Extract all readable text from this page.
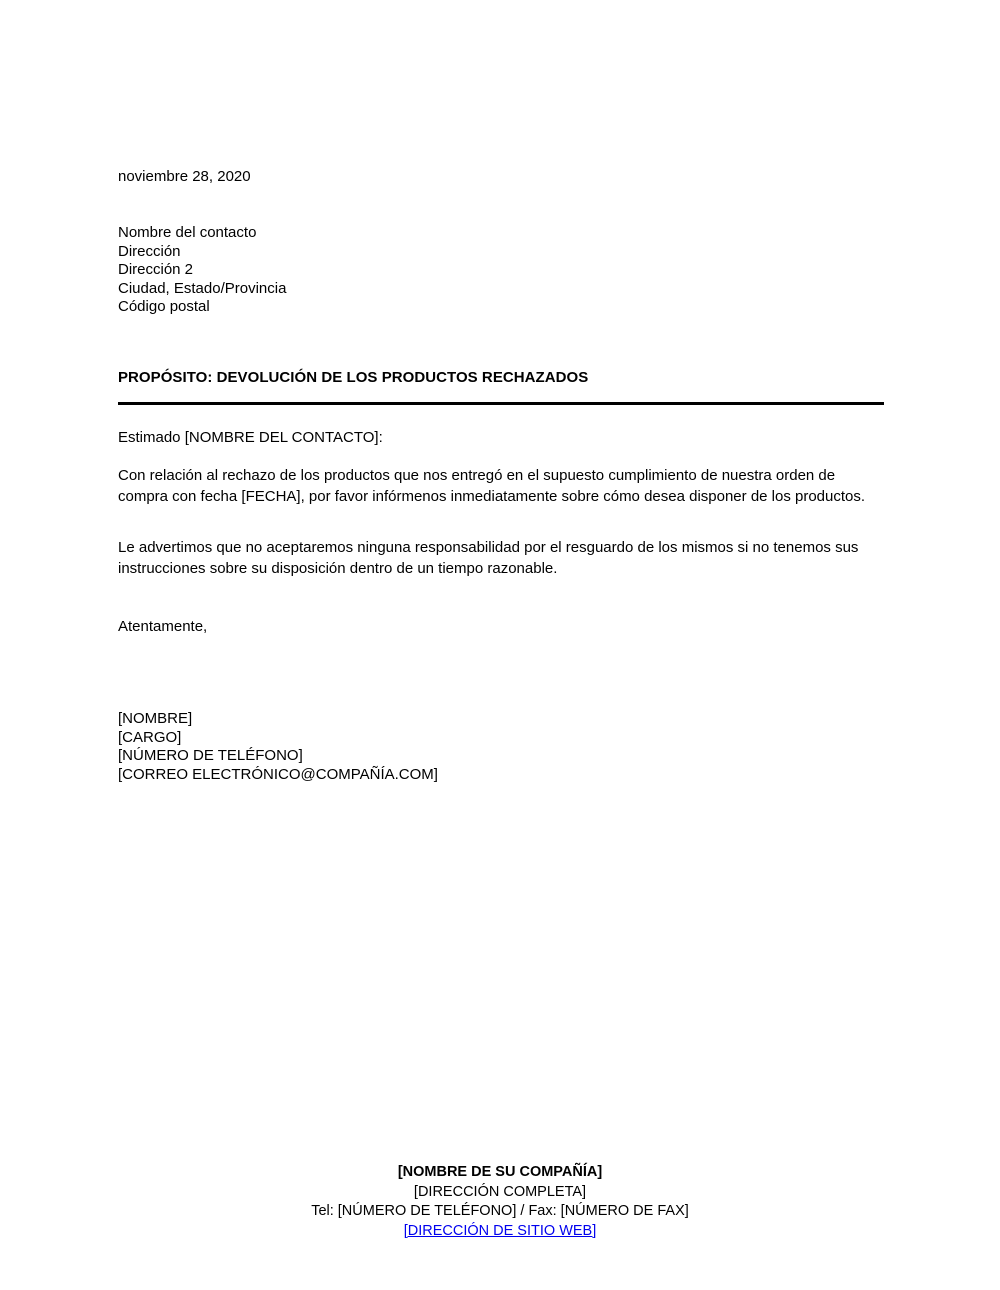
noviembre 28, 2020
Nombre del contacto
Dirección
Dirección 2
Ciudad, Estado/Provincia
Código postal
PROPÓSITO: DEVOLUCIÓN DE LOS PRODUCTOS RECHAZADOS
Estimado [NOMBRE DEL CONTACTO]:
Con relación al rechazo de los productos que nos entregó en el supuesto cumplimiento de nuestra orden de compra con fecha [FECHA], por favor infórmenos inmediatamente sobre cómo desea disponer de los productos.
Le advertimos que no aceptaremos ninguna responsabilidad por el resguardo de los mismos si no tenemos sus instrucciones sobre su disposición dentro de un tiempo razonable.
Atentamente,
[NOMBRE]
[CARGO]
[NÚMERO DE TELÉFONO]
[CORREO ELECTRÓNICO@COMPAÑÍA.COM]
[NOMBRE DE SU COMPAÑÍA]
[DIRECCIÓN COMPLETA]
Tel: [NÚMERO DE TELÉFONO] / Fax: [NÚMERO DE FAX]
[DIRECCIÓN DE SITIO WEB]
